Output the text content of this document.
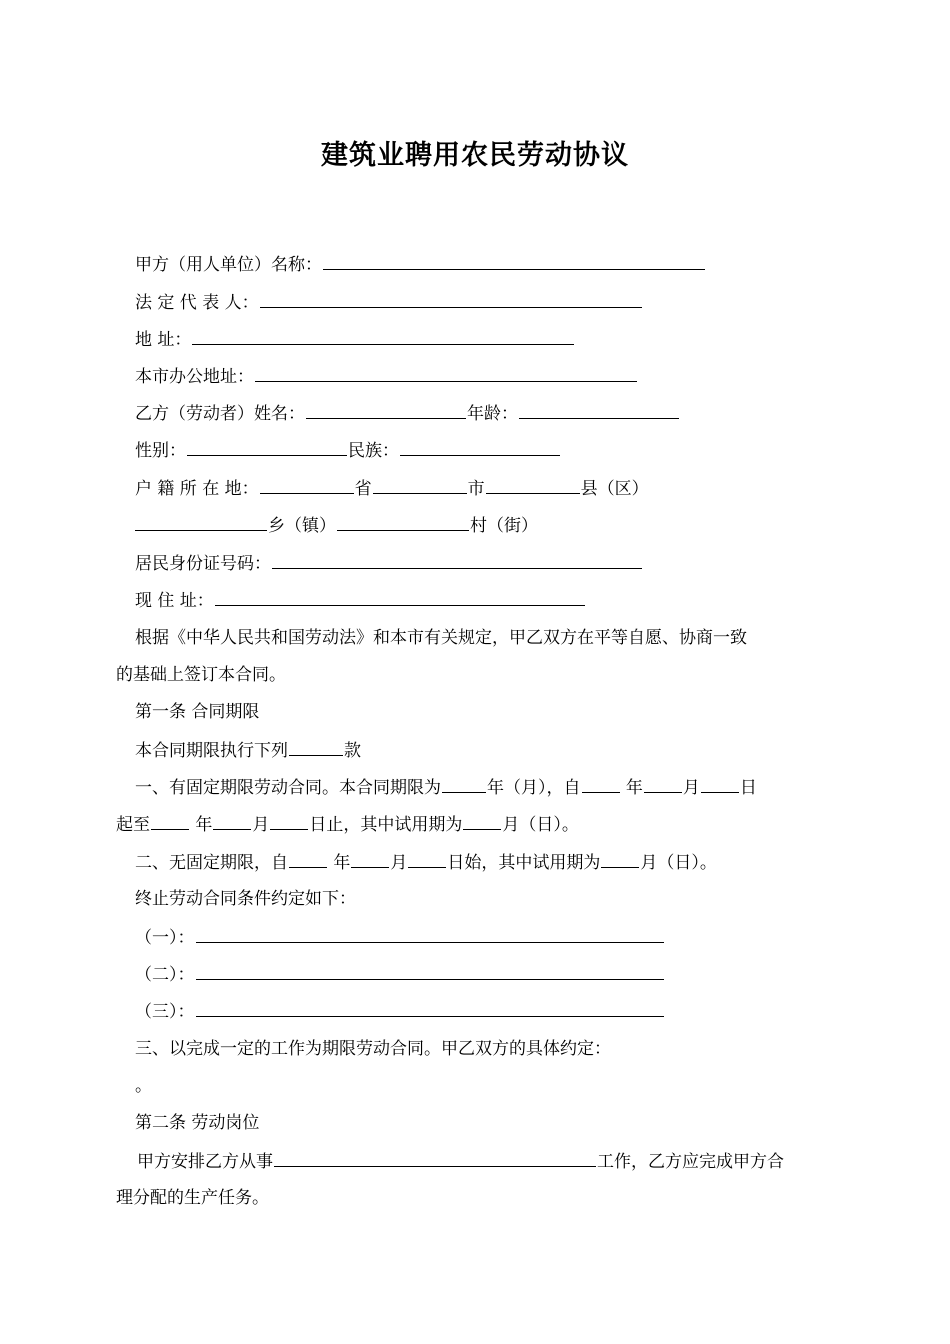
建筑业聘用农民劳动协议
甲方（用人单位）名称：
法 定 代 表 人：
地 址：
本市办公地址：
乙方（劳动者）姓名：	年龄：
性别：	民族：
户 籍 所 在 地：	省	市	县（区）
乡（镇）	村（街）
居民身份证号码：
现 住 址：
根据《中华人民共和国劳动法》和本市有关规定，甲乙双方在平等自愿、协商一致
的基础上签订本合同。
第一条 合同期限
本合同期限执行下列	款
一、有固定期限劳动合同。本合同期限为	年（月），自	年 月 日
起至	年 月 日止，其中试用期为 月（日）。
二、无固定期限，自	年 月 日始，其中试用期为 月（日）。
终止劳动合同条件约定如下：
（一）：
（二）：
（三）：
三、以完成一定的工作为期限劳动合同。甲乙双方的具体约定：
。
第二条 劳动岗位
甲方安排乙方从事	工作，乙方应完成甲方合
理分配的生产任务。
